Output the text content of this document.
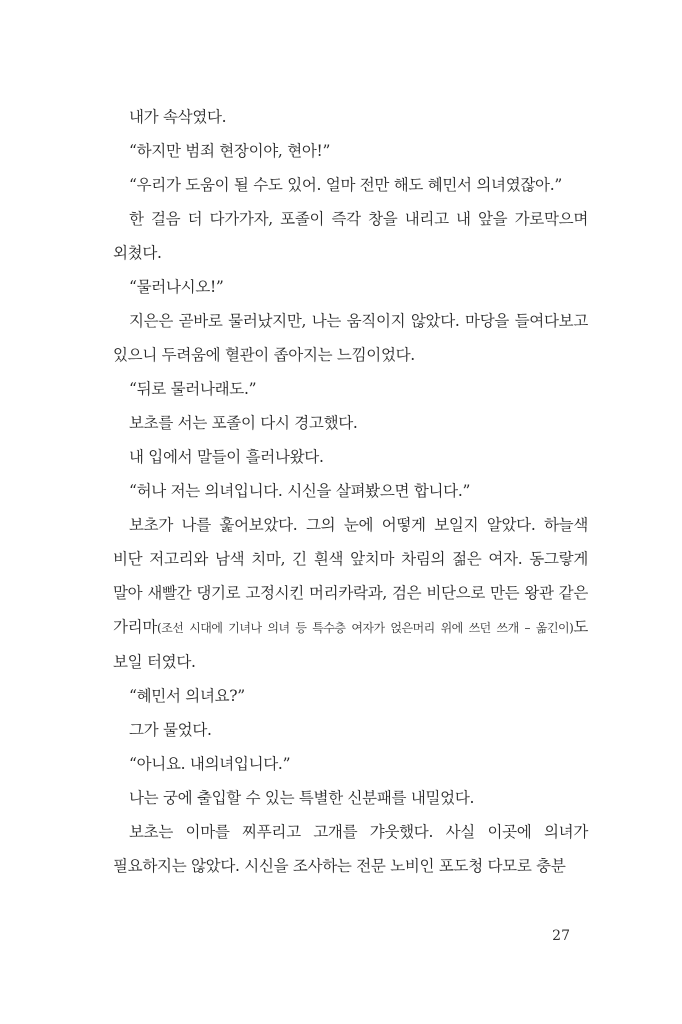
내가 속삭였다.

“하지만 범죄 현장이야, 현아!”

“우리가 도움이 될 수도 있어. 얼마 전만 해도 혜민서 의녀였잖아.”

한 걸음 더 다가가자, 포졸이 즉각 창을 내리고 내 앞을 가로막으며 외쳤다.

“물러나시오!”

지은은 곧바로 물러났지만, 나는 움직이지 않았다. 마당을 들여다보고 있으니 두려움에 혈관이 좁아지는 느낌이었다.

“뒤로 물러나래도.”

보초를 서는 포졸이 다시 경고했다.

내 입에서 말들이 흘러나왔다.

“허나 저는 의녀입니다. 시신을 살펴봤으면 합니다.”

보초가 나를 훑어보았다. 그의 눈에 어떻게 보일지 알았다. 하늘색 비단 저고리와 남색 치마, 긴 흰색 앞치마 차림의 젊은 여자. 동그랗게 말아 새빨간 댕기로 고정시킨 머리카락과, 검은 비단으로 만든 왕관 같은 가리마(조선 시대에 기녀나 의녀 등 특수층 여자가 얹은머리 위에 쓰던 쓰개 – 옮긴이)도 보일 터였다.

“혜민서 의녀요?”

그가 물었다.

“아니요. 내의녀입니다.”

나는 궁에 출입할 수 있는 특별한 신분패를 내밀었다.

보초는 이마를 찌푸리고 고개를 갸웃했다. 사실 이곳에 의녀가 필요하지는 않았다. 시신을 조사하는 전문 노비인 포도청 다모로 충분

27
